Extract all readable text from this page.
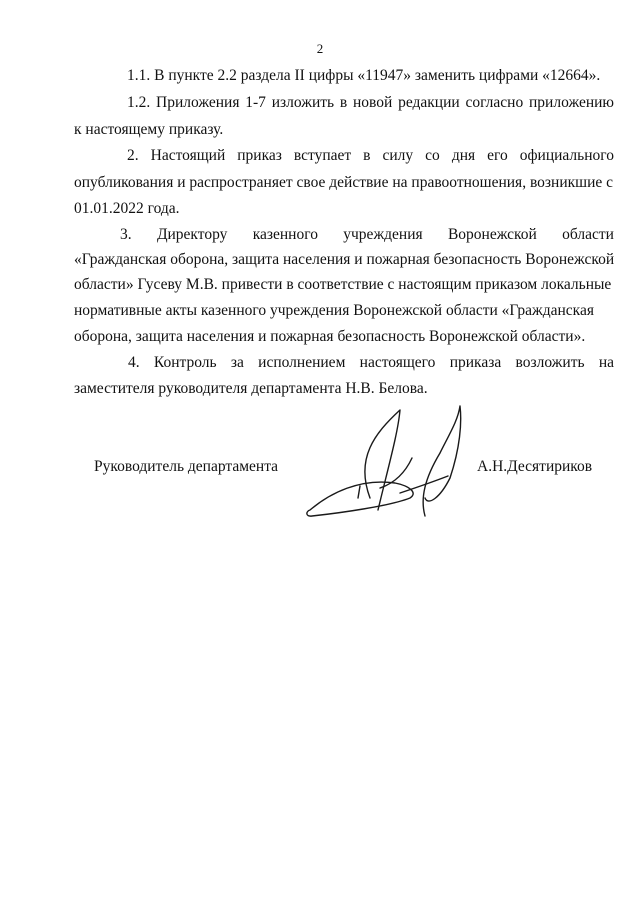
2
1.1. В пункте 2.2 раздела II цифры «11947» заменить цифрами «12664».
1.2. Приложения 1-7 изложить в новой редакции согласно приложению
к настоящему приказу.
2. Настоящий приказ вступает в силу со дня его официального
опубликования и распространяет свое действие на правоотношения, возникшие с
01.01.2022 года.
3. Директору казенного учреждения Воронежской области
«Гражданская оборона, защита населения и пожарная безопасность Воронежской
области» Гусеву М.В. привести в соответствие с настоящим приказом локальные
нормативные акты казенного учреждения Воронежской области «Гражданская
оборона, защита населения и пожарная безопасность Воронежской области».
4. Контроль за исполнением настоящего приказа возложить на
заместителя руководителя департамента Н.В. Белова.
Руководитель департамента	А.Н.Десятириков
